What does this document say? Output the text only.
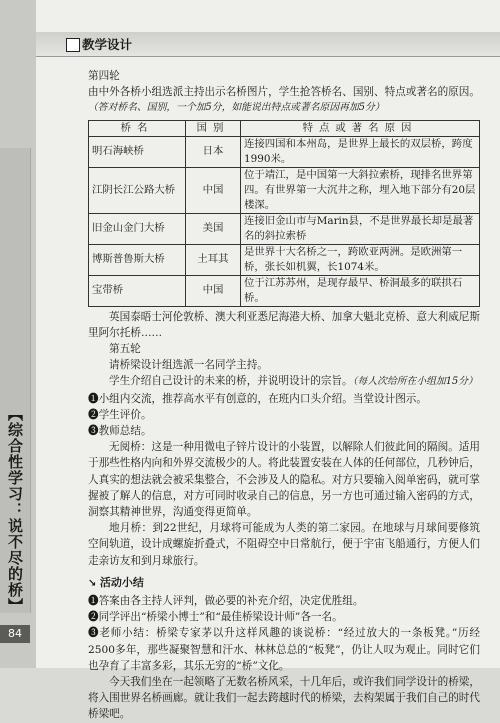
【综合性学习：说不尽的桥】
84
教学设计

第四轮

由中外各桥小组选派主持出示名桥图片，学生抢答桥名、国别、特点或著名的原因。

（答对桥名、国别，一个加5分，如能说出特点或著名原因再加5分）

桥名	国别	特点或著名原因
明石海峡桥	日本	连接四国和本州岛，是世界上最长的双层桥，跨度1990米。
江阴长江公路大桥	中国	位于靖江，是中国第一大斜拉索桥，现排名世界第四。有世界第一大沉井之称，埋入地下部分有20层楼深。
旧金山金门大桥	美国	连接旧金山市与Marin县，不是世界最长却是最著名的斜拉索桥
博斯普鲁斯大桥	土耳其	是世界十大名桥之一，跨欧亚两洲。是欧洲第一桥，张长如机翼，长1074米。
宝带桥	中国	位于江苏苏州，是现存最早、桥洞最多的联拱石桥。

英国泰晤士河伦敦桥、澳大利亚悉尼海港大桥、加拿大魁北克桥、意大利威尼斯里阿尔托桥……

第五轮

请桥梁设计组选派一名同学主持。

学生介绍自己设计的未来的桥，并说明设计的宗旨。（每人次给所在小组加15分）

❶小组内交流，推荐高水平有创意的，在班内口头介绍。当堂设计图示。

❷学生评价。

❸教师总结。

无阅桥：这是一种用微电子锌片设计的小装置，以解除人们彼此间的隔阂。适用于那些性格内向和外界交流极少的人。将此装置安装在人体的任何部位，几秒钟后，人真实的想法就会被采集整合，不会涉及人的隐私。对方只要输入阅单密码，就可掌握被了解人的信息，对方可同时收录自己的信息，另一方也可通过输入密码的方式，洞察其精神世界，沟通变得更简单。

地月桥：到22世纪，月球将可能成为人类的第二家园。在地球与月球间要修筑空间轨道，设计成螺旋折叠式，不阻碍空中日常航行，便于宇宙飞船通行，方便人们走亲访友和到月球旅行。

↘ 活动小结

❶答案由各主持人评判，做必要的补充介绍，决定优胜组。

❷同学评出“桥梁小博士”和“最佳桥梁设计师”各一名。

❸老师小结：桥梁专家茅以升这样风趣的谈说桥：“经过放大的一条板凳。”历经2500多年，那些凝聚智慧和汗水、林林总总的“板凳”，仍让人叹为观止。同时它们也孕育了丰富多彩，其乐无穷的“桥”文化。

今天我们坐在一起领略了无数名桥风采，十几年后，或许我们同学设计的桥梁，将入围世界名桥画廊。就让我们一起去跨越时代的桥梁，去构架属于我们自己的时代桥梁吧。
